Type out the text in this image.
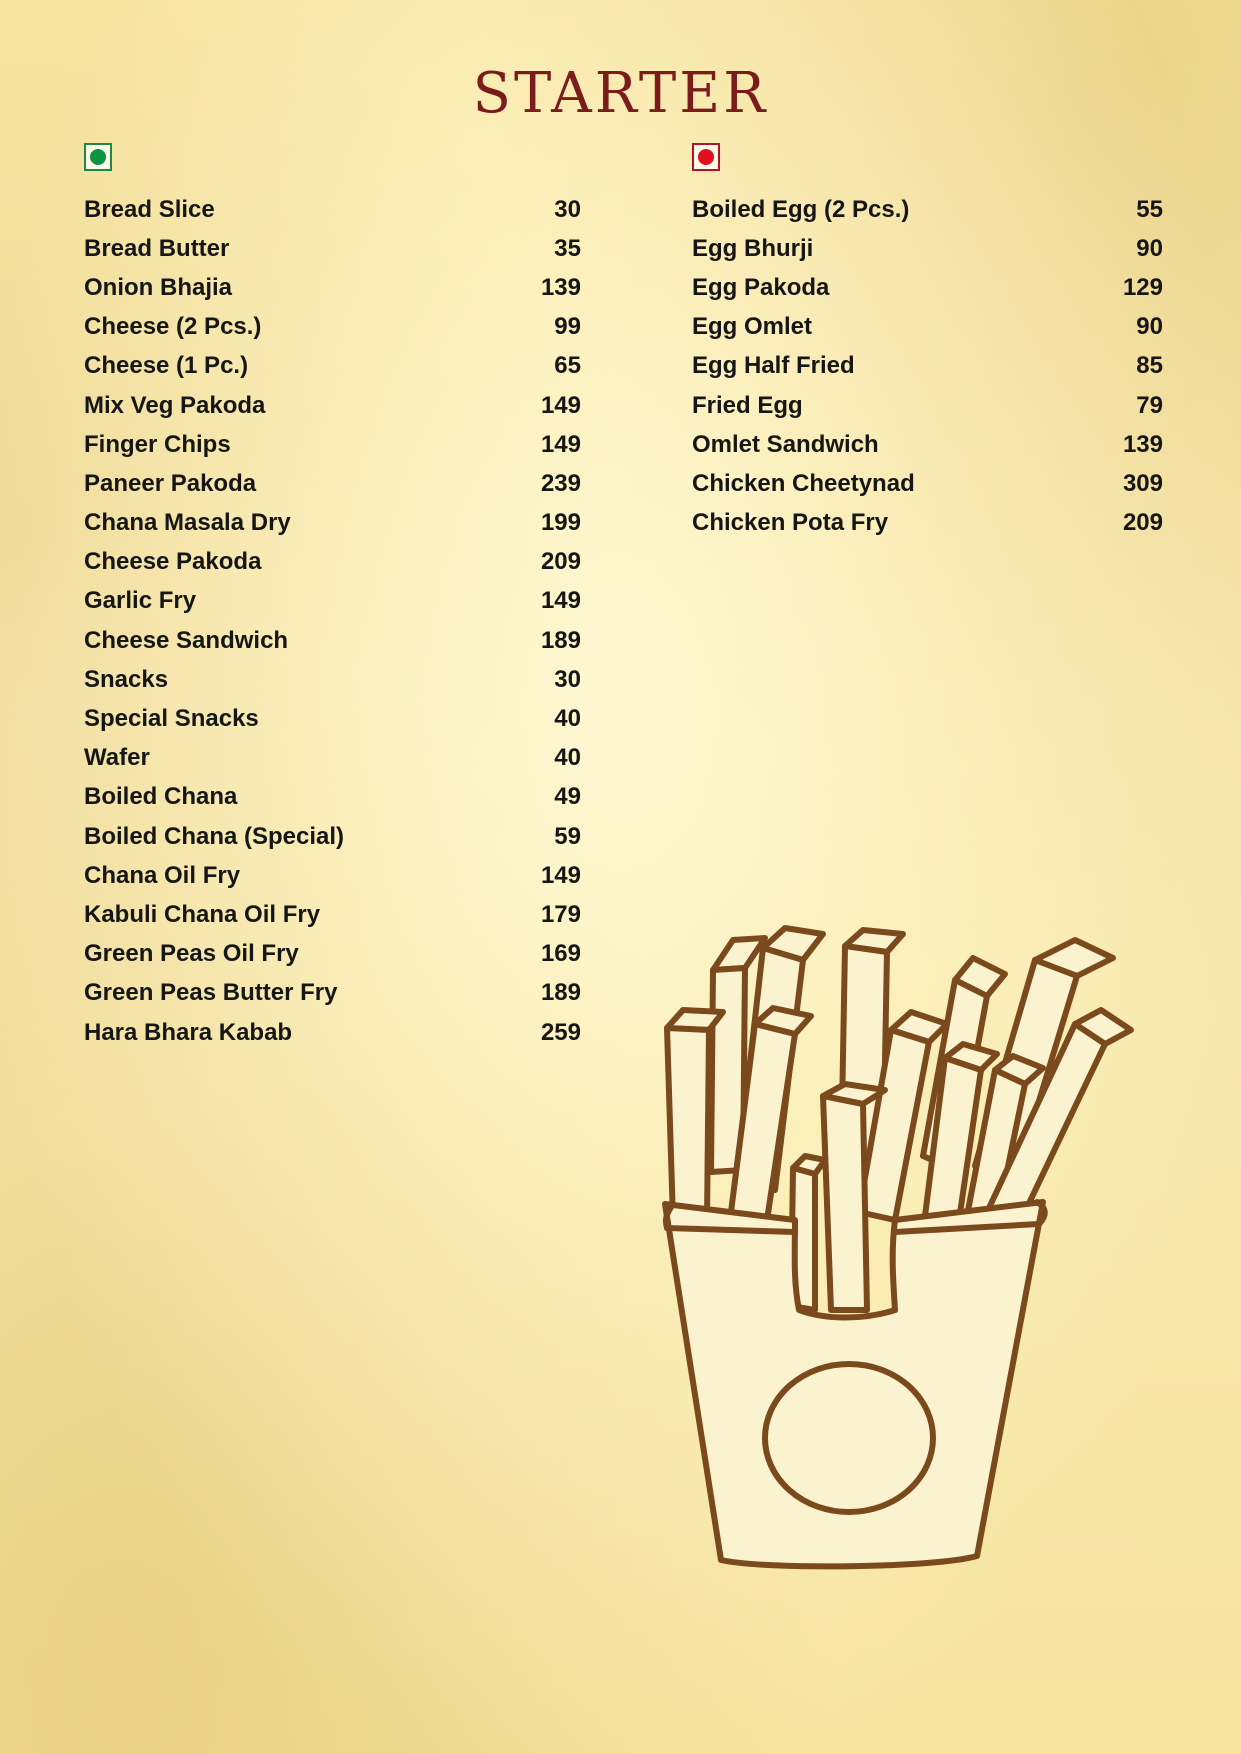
STARTER
Bread Slice	30
Bread Butter	35
Onion Bhajia	139
Cheese (2 Pcs.)	99
Cheese (1 Pc.)	65
Mix Veg Pakoda	149
Finger Chips	149
Paneer Pakoda	239
Chana Masala Dry	199
Cheese Pakoda	209
Garlic Fry	149
Cheese Sandwich	189
Snacks	30
Special Snacks	40
Wafer	40
Boiled Chana	49
Boiled Chana (Special)	59
Chana Oil Fry	149
Kabuli Chana Oil Fry	179
Green Peas Oil Fry	169
Green Peas Butter Fry	189
Hara Bhara Kabab	259
Boiled Egg (2 Pcs.)	55
Egg Bhurji	90
Egg Pakoda	129
Egg Omlet	90
Egg Half Fried	85
Fried Egg	79
Omlet Sandwich	139
Chicken Cheetynad	309
Chicken Pota Fry	209
